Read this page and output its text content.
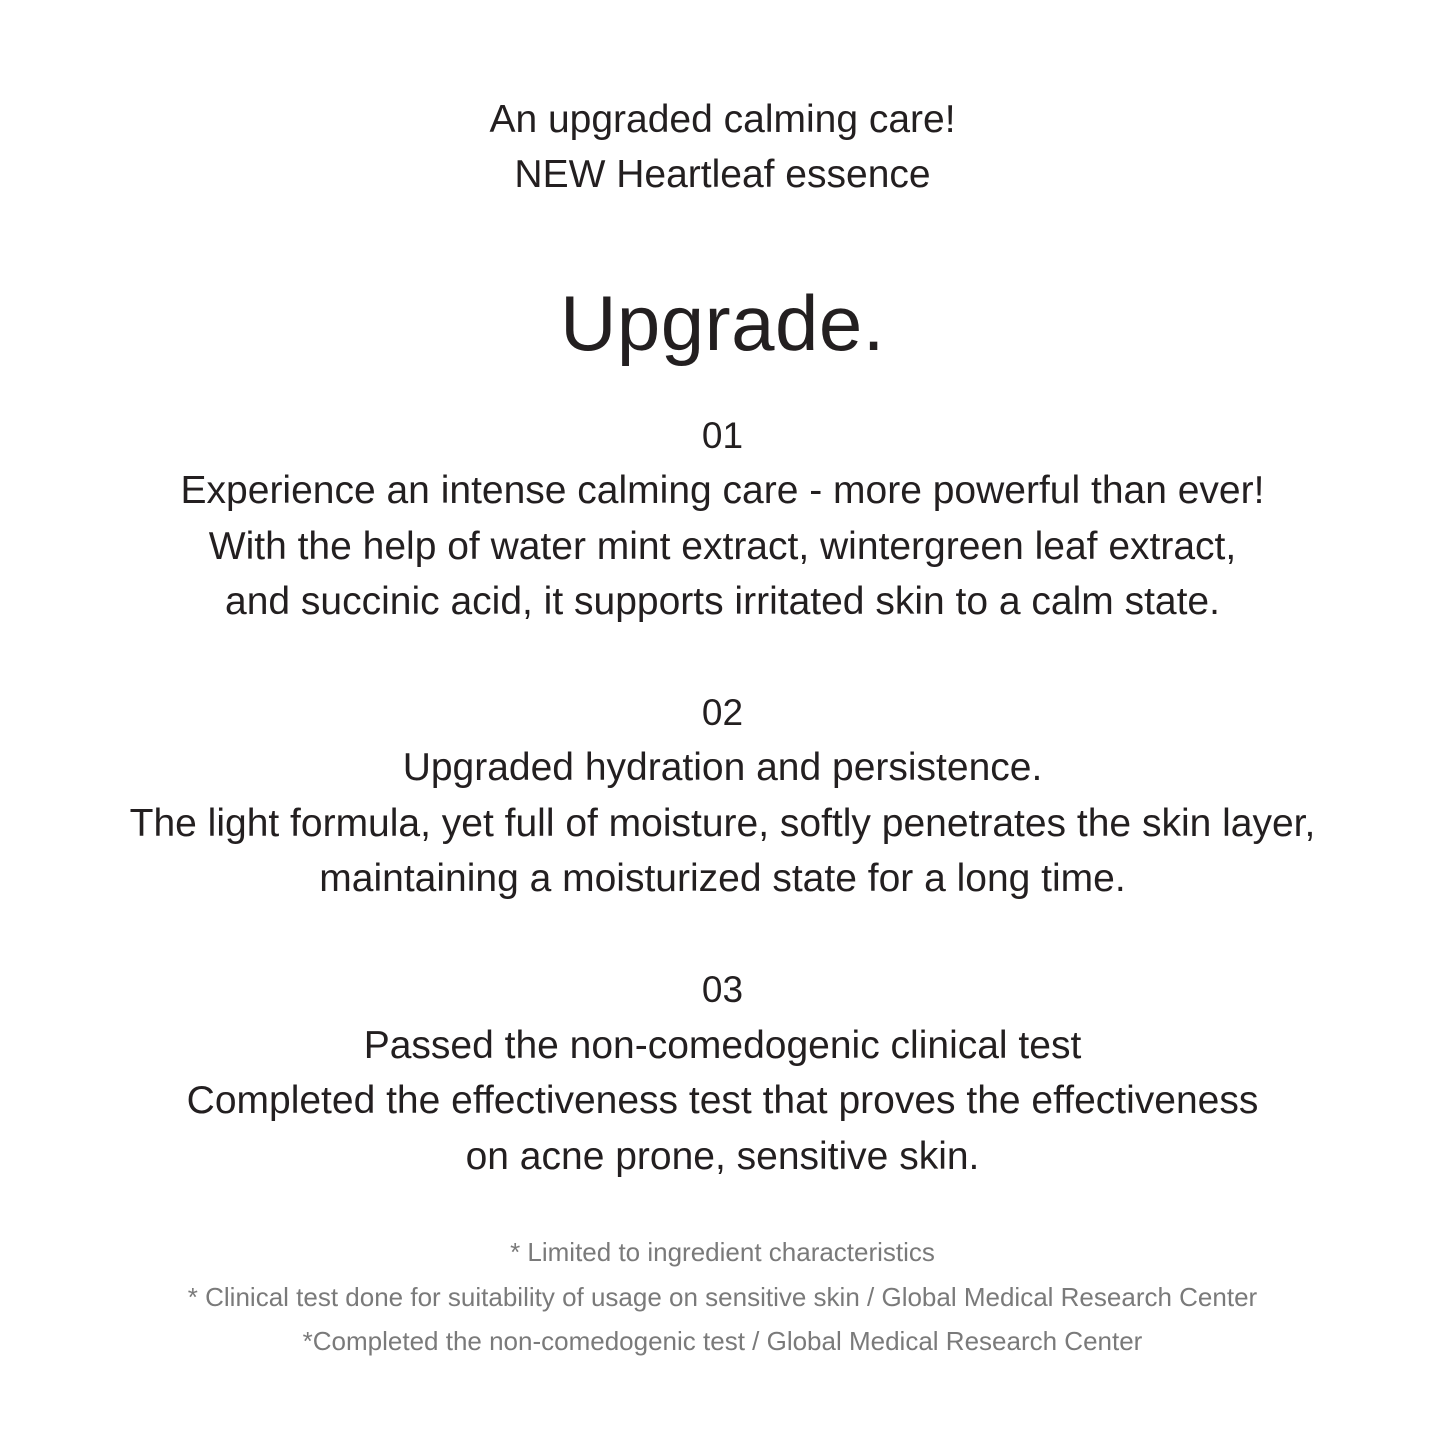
An upgraded calming care!
NEW Heartleaf essence
Upgrade.
01
Experience an intense calming care - more powerful than ever!
With the help of water mint extract, wintergreen leaf extract,
and succinic acid, it supports irritated skin to a calm state.
02
Upgraded hydration and persistence.
The light formula, yet full of moisture, softly penetrates the skin layer,
maintaining a moisturized state for a long time.
03
Passed the non-comedogenic clinical test
Completed the effectiveness test that proves the effectiveness
on acne prone, sensitive skin.
* Limited to ingredient characteristics
* Clinical test done for suitability of usage on sensitive skin / Global Medical Research Center
*Completed the non-comedogenic test / Global Medical Research Center
